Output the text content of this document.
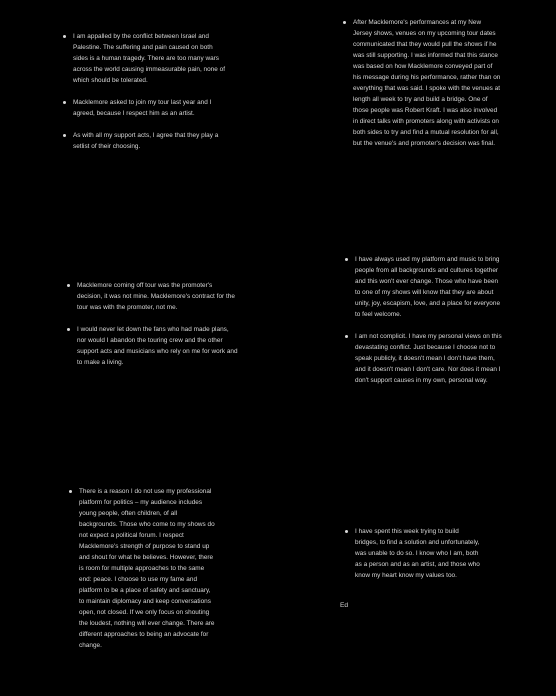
I am appalled by the conflict between Israel and Palestine. The suffering and pain caused on both sides is a human tragedy. There are too many wars across the world causing immeasurable pain, none of which should be tolerated.
Macklemore asked to join my tour last year and I agreed, because I respect him as an artist.
As with all my support acts, I agree that they play a setlist of their choosing.
After Macklemore's performances at my New Jersey shows, venues on my upcoming tour dates communicated that they would pull the shows if he was still supporting. I was informed that this stance was based on how Macklemore conveyed part of his message during his performance, rather than on everything that was said. I spoke with the venues at length all week to try and build a bridge. One of those people was Robert Kraft. I was also involved in direct talks with promoters along with activists on both sides to try and find a mutual resolution for all, but the venue's and promoter's decision was final.
Macklemore coming off tour was the promoter's decision, it was not mine. Macklemore's contract for the tour was with the promoter, not me.
I would never let down the fans who had made plans, nor would I abandon the touring crew and the other support acts and musicians who rely on me for work and to make a living.
I have always used my platform and music to bring people from all backgrounds and cultures together and this won't ever change. Those who have been to one of my shows will know that they are about unity, joy, escapism, love, and a place for everyone to feel welcome.
I am not complicit. I have my personal views on this devastating conflict. Just because I choose not to speak publicly, it doesn't mean I don't have them, and it doesn't mean I don't care. Nor does it mean I don't support causes in my own, personal way.
There is a reason I do not use my professional platform for politics – my audience includes young people, often children, of all backgrounds. Those who come to my shows do not expect a political forum. I respect Macklemore's strength of purpose to stand up and shout for what he believes. However, there is room for multiple approaches to the same end: peace. I choose to use my fame and platform to be a place of safety and sanctuary, to maintain diplomacy and keep conversations open, not closed. If we only focus on shouting the loudest, nothing will ever change. There are different approaches to being an advocate for change.
I have spent this week trying to build bridges, to find a solution and unfortunately, was unable to do so. I know who I am, both as a person and as an artist, and those who know my heart know my values too.
Ed
